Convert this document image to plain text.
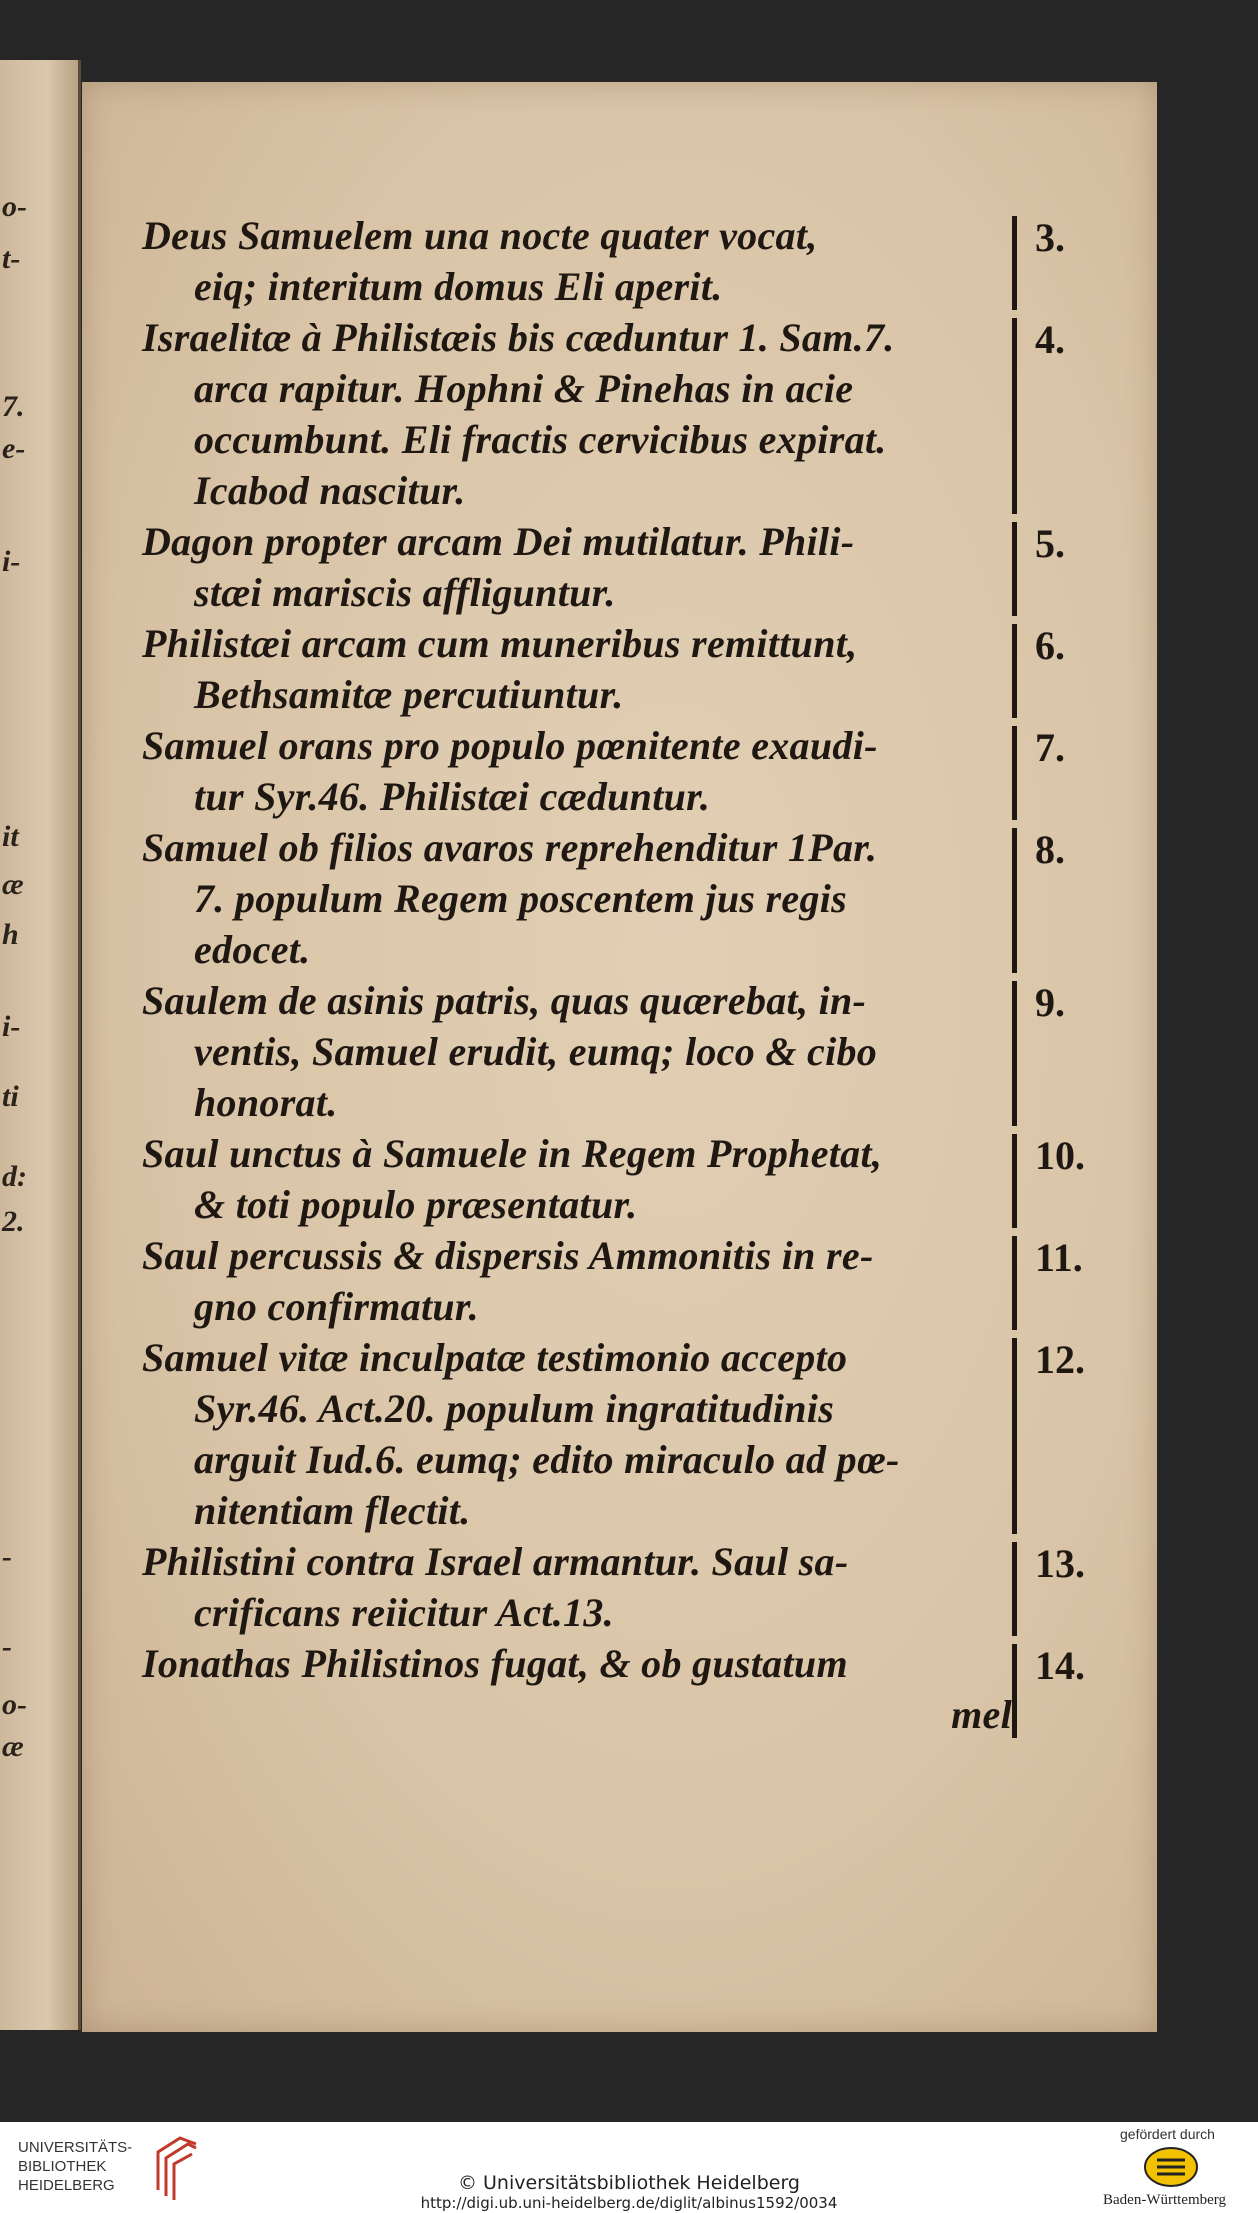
o-
t-
7.
e-
i-
it
æ
h
i-
ti
d:
2.
-
-
o-
æ
Deus Samuelem una nocte quater vocat,
eiq; interitum domus Eli aperit.
3.
Israelitæ à Philistæis bis cæduntur 1. Sam.7.
arca rapitur. Hophni & Pinehas in acie
occumbunt. Eli fractis cervicibus expirat.
Icabod nascitur.
4.
Dagon propter arcam Dei mutilatur. Phili-
stæi mariscis affliguntur.
5.
Philistæi arcam cum muneribus remittunt,
Bethsamitæ percutiuntur.
6.
Samuel orans pro populo pœnitente exaudi-
tur Syr.46. Philistæi cæduntur.
7.
Samuel ob filios avaros reprehenditur 1Par.
7. populum Regem poscentem jus regis
edocet.
8.
Saulem de asinis patris, quas quærebat, in-
ventis, Samuel erudit, eumq; loco & cibo
honorat.
9.
Saul unctus à Samuele in Regem Prophetat,
& toti populo præsentatur.
10.
Saul percussis & dispersis Ammonitis in re-
gno confirmatur.
11.
Samuel vitæ inculpatæ testimonio accepto
Syr.46. Act.20. populum ingratitudinis
arguit Iud.6. eumq; edito miraculo ad pœ-
nitentiam flectit.
12.
Philistini contra Israel armantur. Saul sa-
crificans reiicitur Act.13.
13.
Ionathas Philistinos fugat, & ob gustatum
mel
14.
UNIVERSITÄTS-
BIBLIOTHEK
HEIDELBERG	© Universitätsbibliothek Heidelberg
http://digi.ub.uni-heidelberg.de/diglit/albinus1592/0034
gefördert durch
Baden-Württemberg
